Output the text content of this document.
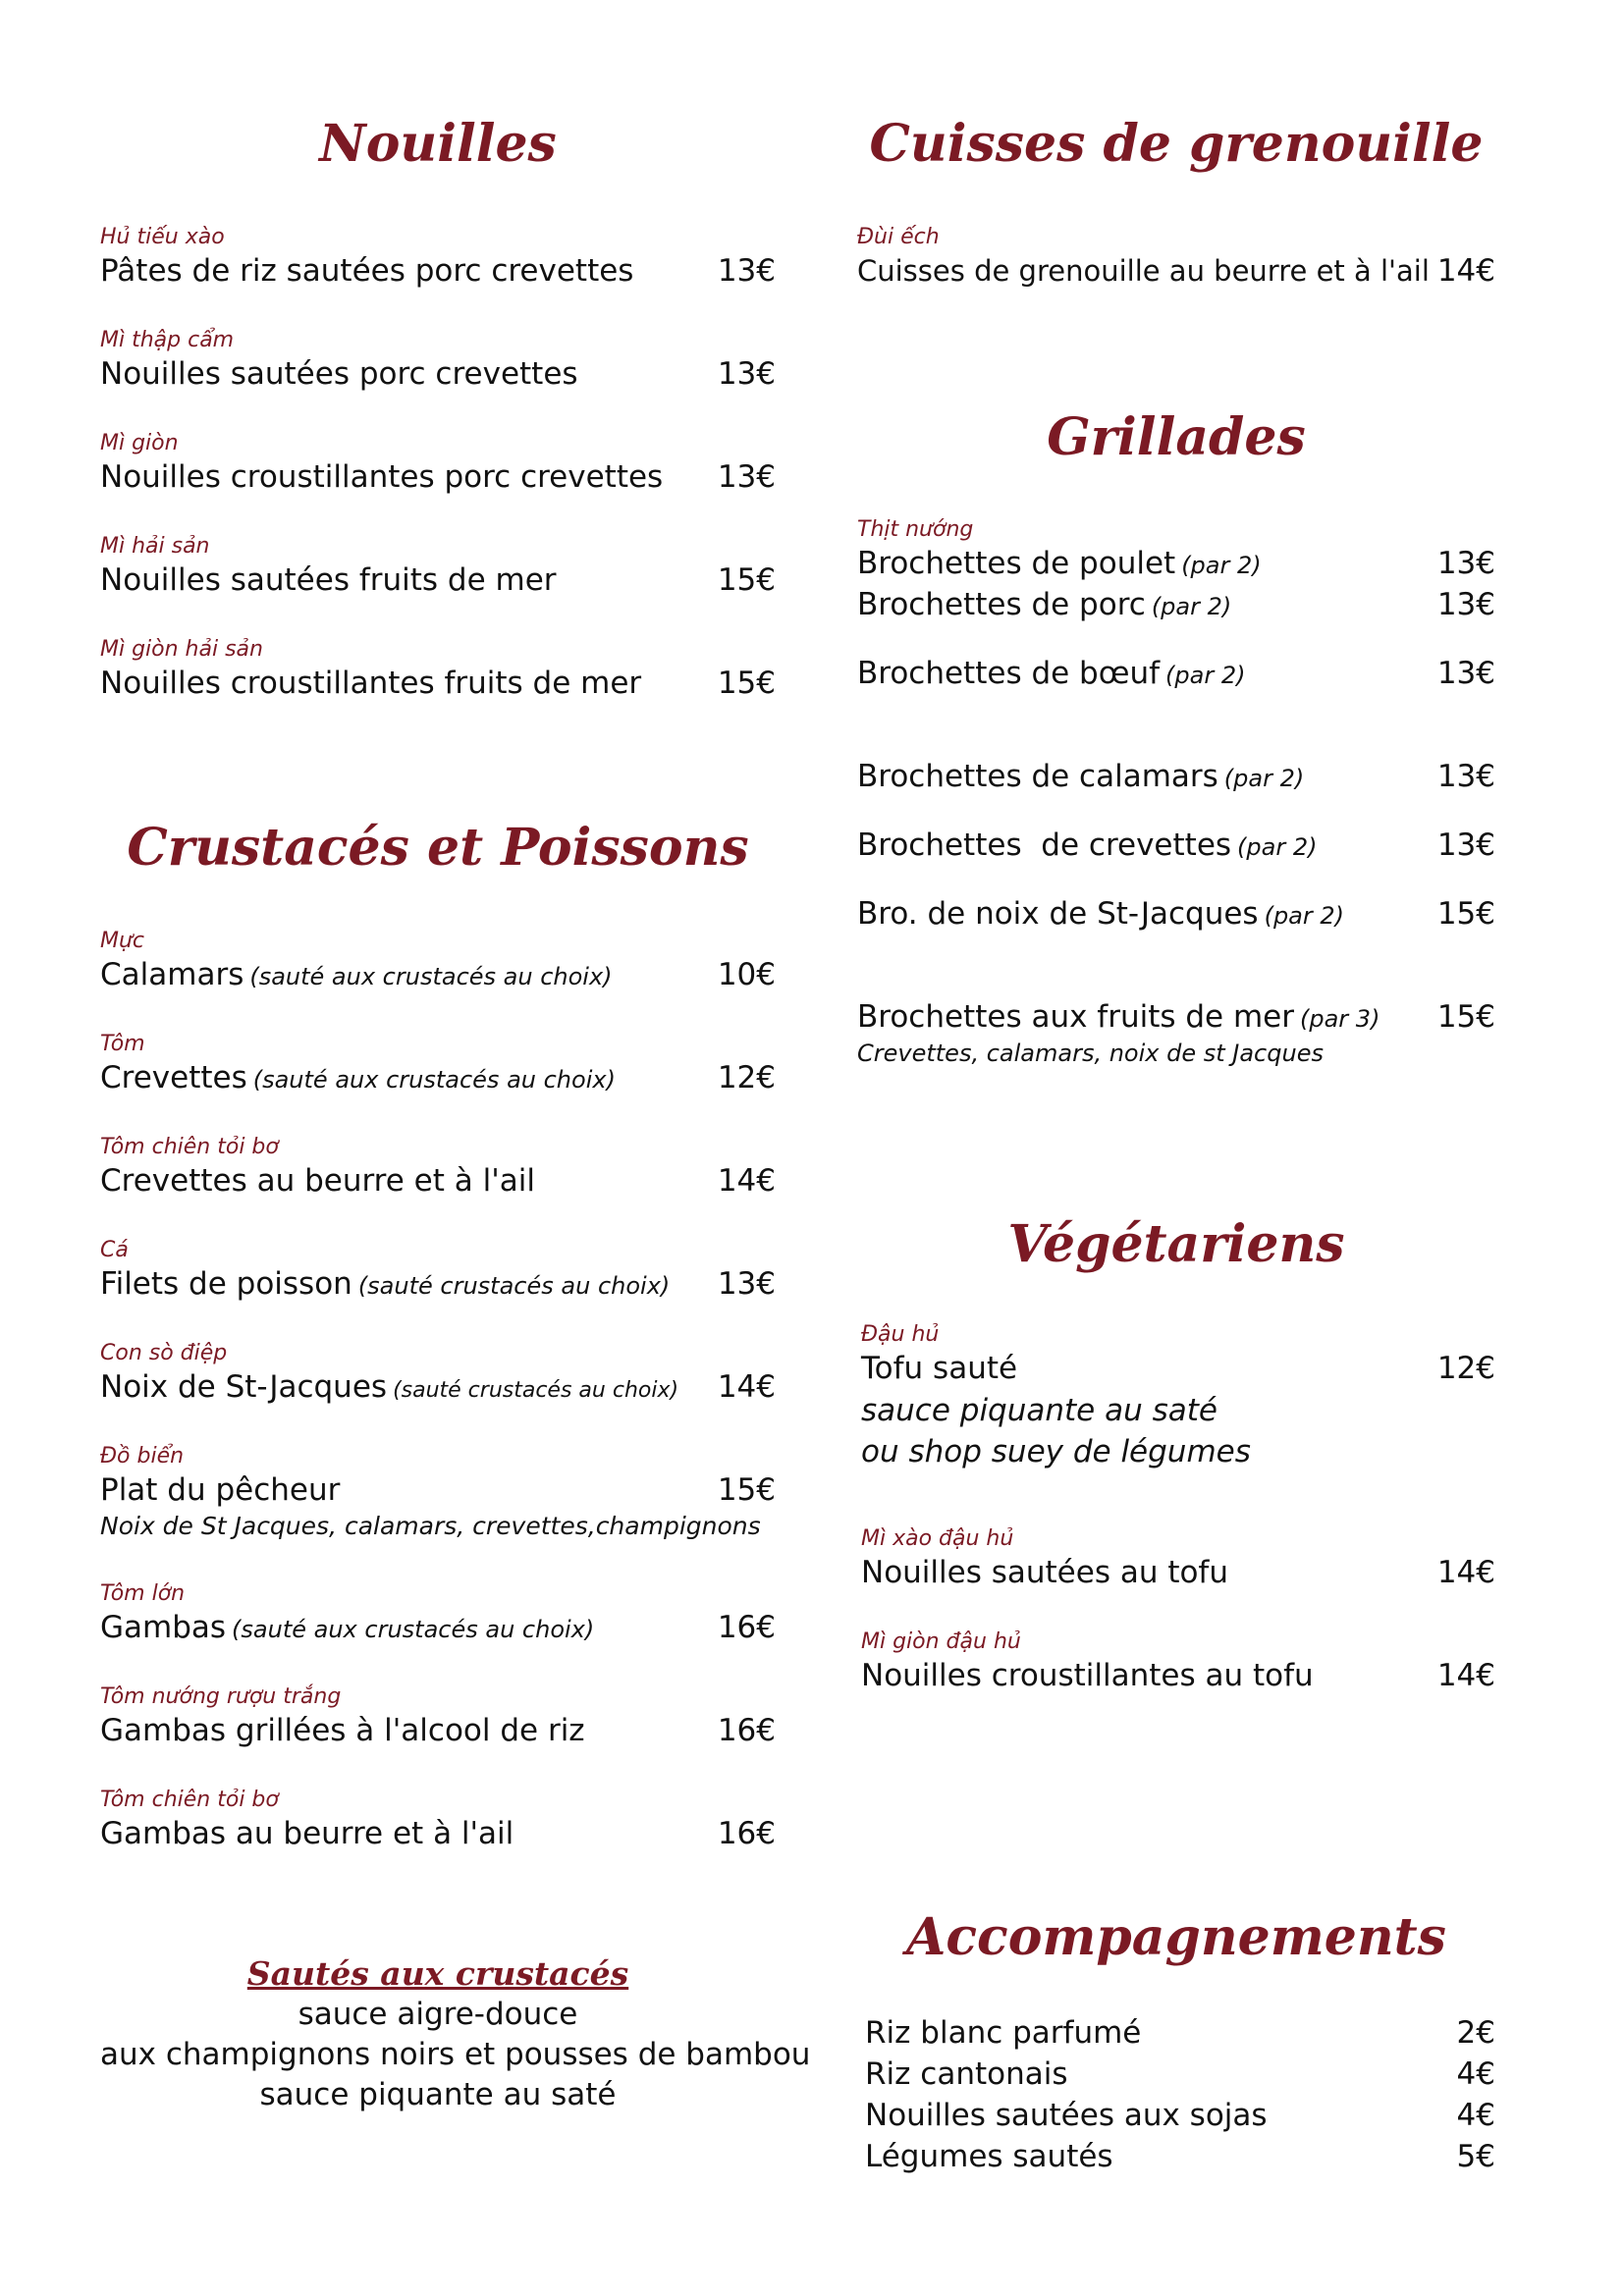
Nouilles
Hủ tiếu xào
Pâtes de riz sautées porc crevettes	13€
Mì thập cẩm
Nouilles sautées porc crevettes	13€
Mì giòn
Nouilles croustillantes porc crevettes 13€
Mì hải sản
Nouilles sautées fruits de mer	15€
Mì giòn hải sản
Nouilles croustillantes fruits de mer	15€
Crustacés et Poissons
Mực
Calamars (sauté aux crustacés au choix)	10€
Tôm
Crevettes (sauté aux crustacés au choix)	12€
Tôm chiên tỏi bơ
Crevettes au beurre et à l'ail	14€
Cá
Filets de poisson (sauté crustacés au choix) 13€
Con sò điệp
Noix de St-Jacques (sauté crustacés au choix) 14€
Đồ biển
Plat du pêcheur	15€
Noix de St Jacques, calamars, crevettes,champignons
Tôm lớn
Gambas (sauté aux crustacés au choix)	16€
Tôm nướng rượu trắng
Gambas grillées à l'alcool de riz	16€
Tôm chiên tỏi bơ
Gambas au beurre et à l'ail	16€
Sautés aux crustacés
sauce aigre-douce
aux champignons noirs et pousses de bambou
sauce piquante au saté
Cuisses de grenouille
Đùi ếch
Cuisses de grenouille au beurre et à l'ail 14€
Grillades
Thịt nướng
Brochettes de poulet (par 2)	13€
Brochettes de porc (par 2)	13€
Brochettes de bœuf (par 2)	13€
Brochettes de calamars (par 2)	13€
Brochettes  de crevettes (par 2)	13€
Bro. de noix de St-Jacques (par 2)	15€
Brochettes aux fruits de mer (par 3) 15€
Crevettes, calamars, noix de st Jacques
Végétariens
Đậu hủ
Tofu sauté	12€
sauce piquante au saté
ou shop suey de légumes
Mì xào đậu hủ
Nouilles sautées au tofu	14€
Mì giòn đậu hủ
Nouilles croustillantes au tofu	14€
Accompagnements
Riz blanc parfumé	2€
Riz cantonais	4€
Nouilles sautées aux sojas	4€
Légumes sautés	5€
